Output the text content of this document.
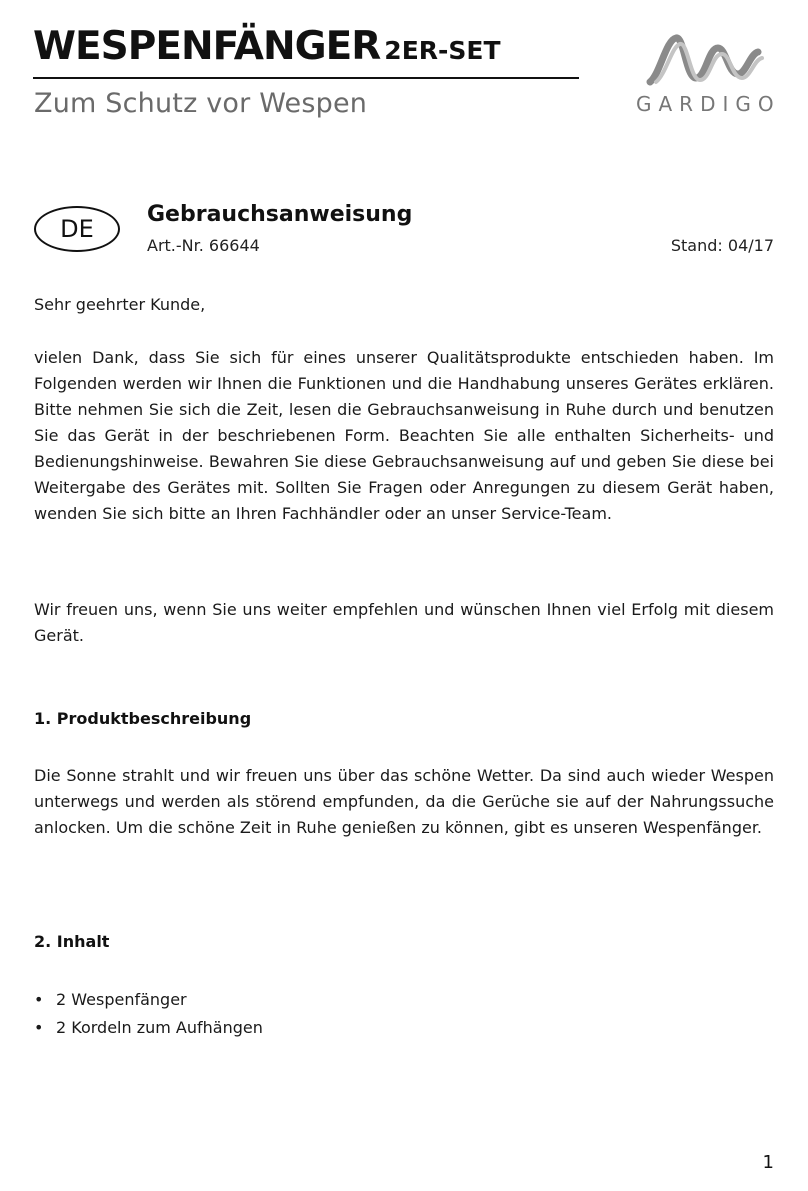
WESPENFÄNGER 2ER-SET
Zum Schutz vor Wespen	GARDIGO
DE
Gebrauchsanweisung
Art.-Nr. 66644	Stand: 04/17
Sehr geehrter Kunde,
vielen Dank, dass Sie sich für eines unserer Qualitätsprodukte entschieden haben. Im Folgenden werden wir Ihnen die Funktionen und die Handhabung unseres Gerätes erklären. Bitte nehmen Sie sich die Zeit, lesen die Gebrauchsanweisung in Ruhe durch und benutzen Sie das Gerät in der beschriebenen Form. Beachten Sie alle enthalten Sicherheits- und Bedienungshinweise. Bewahren Sie diese Gebrauchsanweisung auf und geben Sie diese bei Weitergabe des Gerätes mit. Sollten Sie Fragen oder Anregungen zu diesem Gerät haben, wenden Sie sich bitte an Ihren Fachhändler oder an unser Service-Team.
Wir freuen uns, wenn Sie uns weiter empfehlen und wünschen Ihnen viel Erfolg mit diesem Gerät.
1. Produktbeschreibung
Die Sonne strahlt und wir freuen uns über das schöne Wetter. Da sind auch wieder Wespen unterwegs und werden als störend empfunden, da die Gerüche sie auf der Nahrungssuche anlocken. Um die schöne Zeit in Ruhe genießen zu können, gibt es unseren Wespenfänger.
2. Inhalt
• 2 Wespenfänger
• 2 Kordeln zum Aufhängen
1
